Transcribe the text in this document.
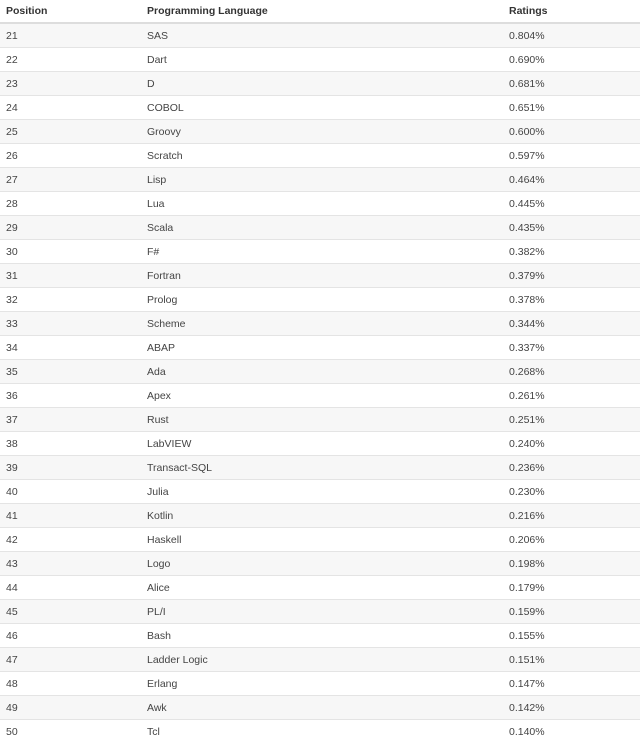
Position	Programming Language	Ratings
21	SAS	0.804%
22	Dart	0.690%
23	D	0.681%
24	COBOL	0.651%
25	Groovy	0.600%
26	Scratch	0.597%
27	Lisp	0.464%
28	Lua	0.445%
29	Scala	0.435%
30	F#	0.382%
31	Fortran	0.379%
32	Prolog	0.378%
33	Scheme	0.344%
34	ABAP	0.337%
35	Ada	0.268%
36	Apex	0.261%
37	Rust	0.251%
38	LabVIEW	0.240%
39	Transact-SQL	0.236%
40	Julia	0.230%
41	Kotlin	0.216%
42	Haskell	0.206%
43	Logo	0.198%
44	Alice	0.179%
45	PL/I	0.159%
46	Bash	0.155%
47	Ladder Logic	0.151%
48	Erlang	0.147%
49	Awk	0.142%
50	Tcl	0.140%
